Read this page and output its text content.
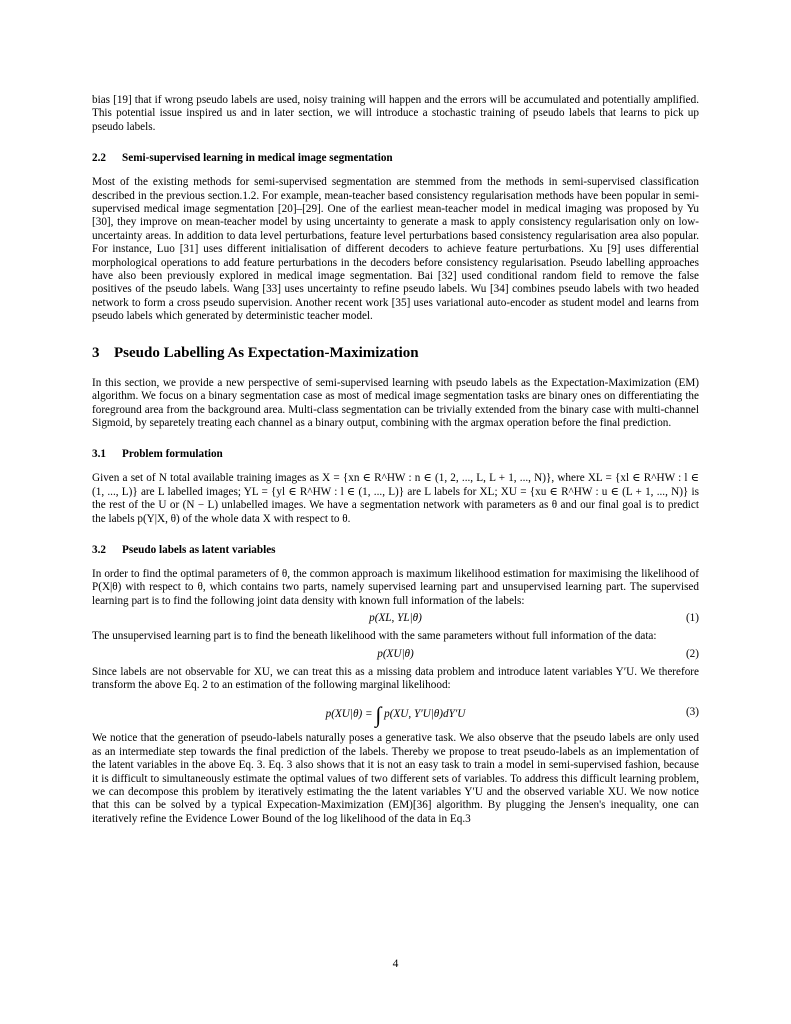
bias [19] that if wrong pseudo labels are used, noisy training will happen and the errors will be accumulated and potentially amplified. This potential issue inspired us and in later section, we will introduce a stochastic training of pseudo labels that learns to pick up pseudo labels.

2.2 Semi-supervised learning in medical image segmentation

Most of the existing methods for semi-supervised segmentation are stemmed from the methods in semi-supervised classification described in the previous section.1.2. For example, mean-teacher based consistency regularisation methods have been popular in semi-supervised medical image segmentation [20]–[29]. One of the earliest mean-teacher model in medical imaging was proposed by Yu [30], they improve on mean-teacher model by using uncertainty to generate a mask to apply consistency regularisation only on low-uncertainty areas. In addition to data level perturbations, feature level perturbations based consistency regularisation area also popular. For instance, Luo [31] uses different initialisation of different decoders to achieve feature perturbations. Xu [9] uses differential morphological operations to add feature perturbations in the decoders before consistency regularisation. Pseudo labelling approaches have also been previously explored in medical image segmentation. Bai [32] used conditional random field to remove the false positives of the pseudo labels. Wang [33] uses uncertainty to refine pseudo labels. Wu [34] combines pseudo labels with two headed network to form a cross pseudo supervision. Another recent work [35] uses variational auto-encoder as student model and learns from pseudo labels which generated by deterministic teacher model.

3 Pseudo Labelling As Expectation-Maximization

In this section, we provide a new perspective of semi-supervised learning with pseudo labels as the Expectation-Maximization (EM) algorithm. We focus on a binary segmentation case as most of medical image segmentation tasks are binary ones on differentiating the foreground area from the background area. Multi-class segmentation can be trivially extended from the binary case with multi-channel Sigmoid, by separetely treating each channel as a binary output, combining with the argmax operation before the final prediction.

3.1 Problem formulation

Given a set of N total available training images as X = {xn ∈ R^HW : n ∈ (1, 2, ..., L, L + 1, ..., N)}, where XL = {xl ∈ R^HW : l ∈ (1, ..., L)} are L labelled images; YL = {yl ∈ R^HW : l ∈ (1, ..., L)} are L labels for XL; XU = {xu ∈ R^HW : u ∈ (L + 1, ..., N)} is the rest of the U or (N − L) unlabelled images. We have a segmentation network with parameters as θ and our final goal is to predict the labels p(Y|X, θ) of the whole data X with respect to θ.

3.2 Pseudo labels as latent variables

In order to find the optimal parameters of θ, the common approach is maximum likelihood estimation for maximising the likelihood of P(X|θ) with respect to θ, which contains two parts, namely supervised learning part and unsupervised learning part. The supervised learning part is to find the following joint data density with known full information of the labels:

p(XL, YL|θ)	(1)

The unsupervised learning part is to find the beneath likelihood with the same parameters without full information of the data:

p(XU|θ)	(2)

Since labels are not observable for XU, we can treat this as a missing data problem and introduce latent variables Y′U. We therefore transform the above Eq. 2 to an estimation of the following marginal likelihood:

p(XU|θ) = ∫ p(XU, Y′U|θ)dY′U	(3)

We notice that the generation of pseudo-labels naturally poses a generative task. We also observe that the pseudo labels are only used as an intermediate step towards the final prediction of the labels. Thereby we propose to treat pseudo-labels as an implementation of the latent variables in the above Eq. 3. Eq. 3 also shows that it is not an easy task to train a model in semi-supervised fashion, because it is difficult to simultaneously estimate the optimal values of two different sets of variables. To address this difficult learning problem, we can decompose this problem by iteratively estimating the the latent variables Y′U and the observed variable XU. We now notice that this can be solved by a typical Expecation-Maximization (EM)[36] algorithm. By plugging the Jensen's inequality, one can iteratively refine the Evidence Lower Bound of the log likelihood of the data in Eq.3

4
